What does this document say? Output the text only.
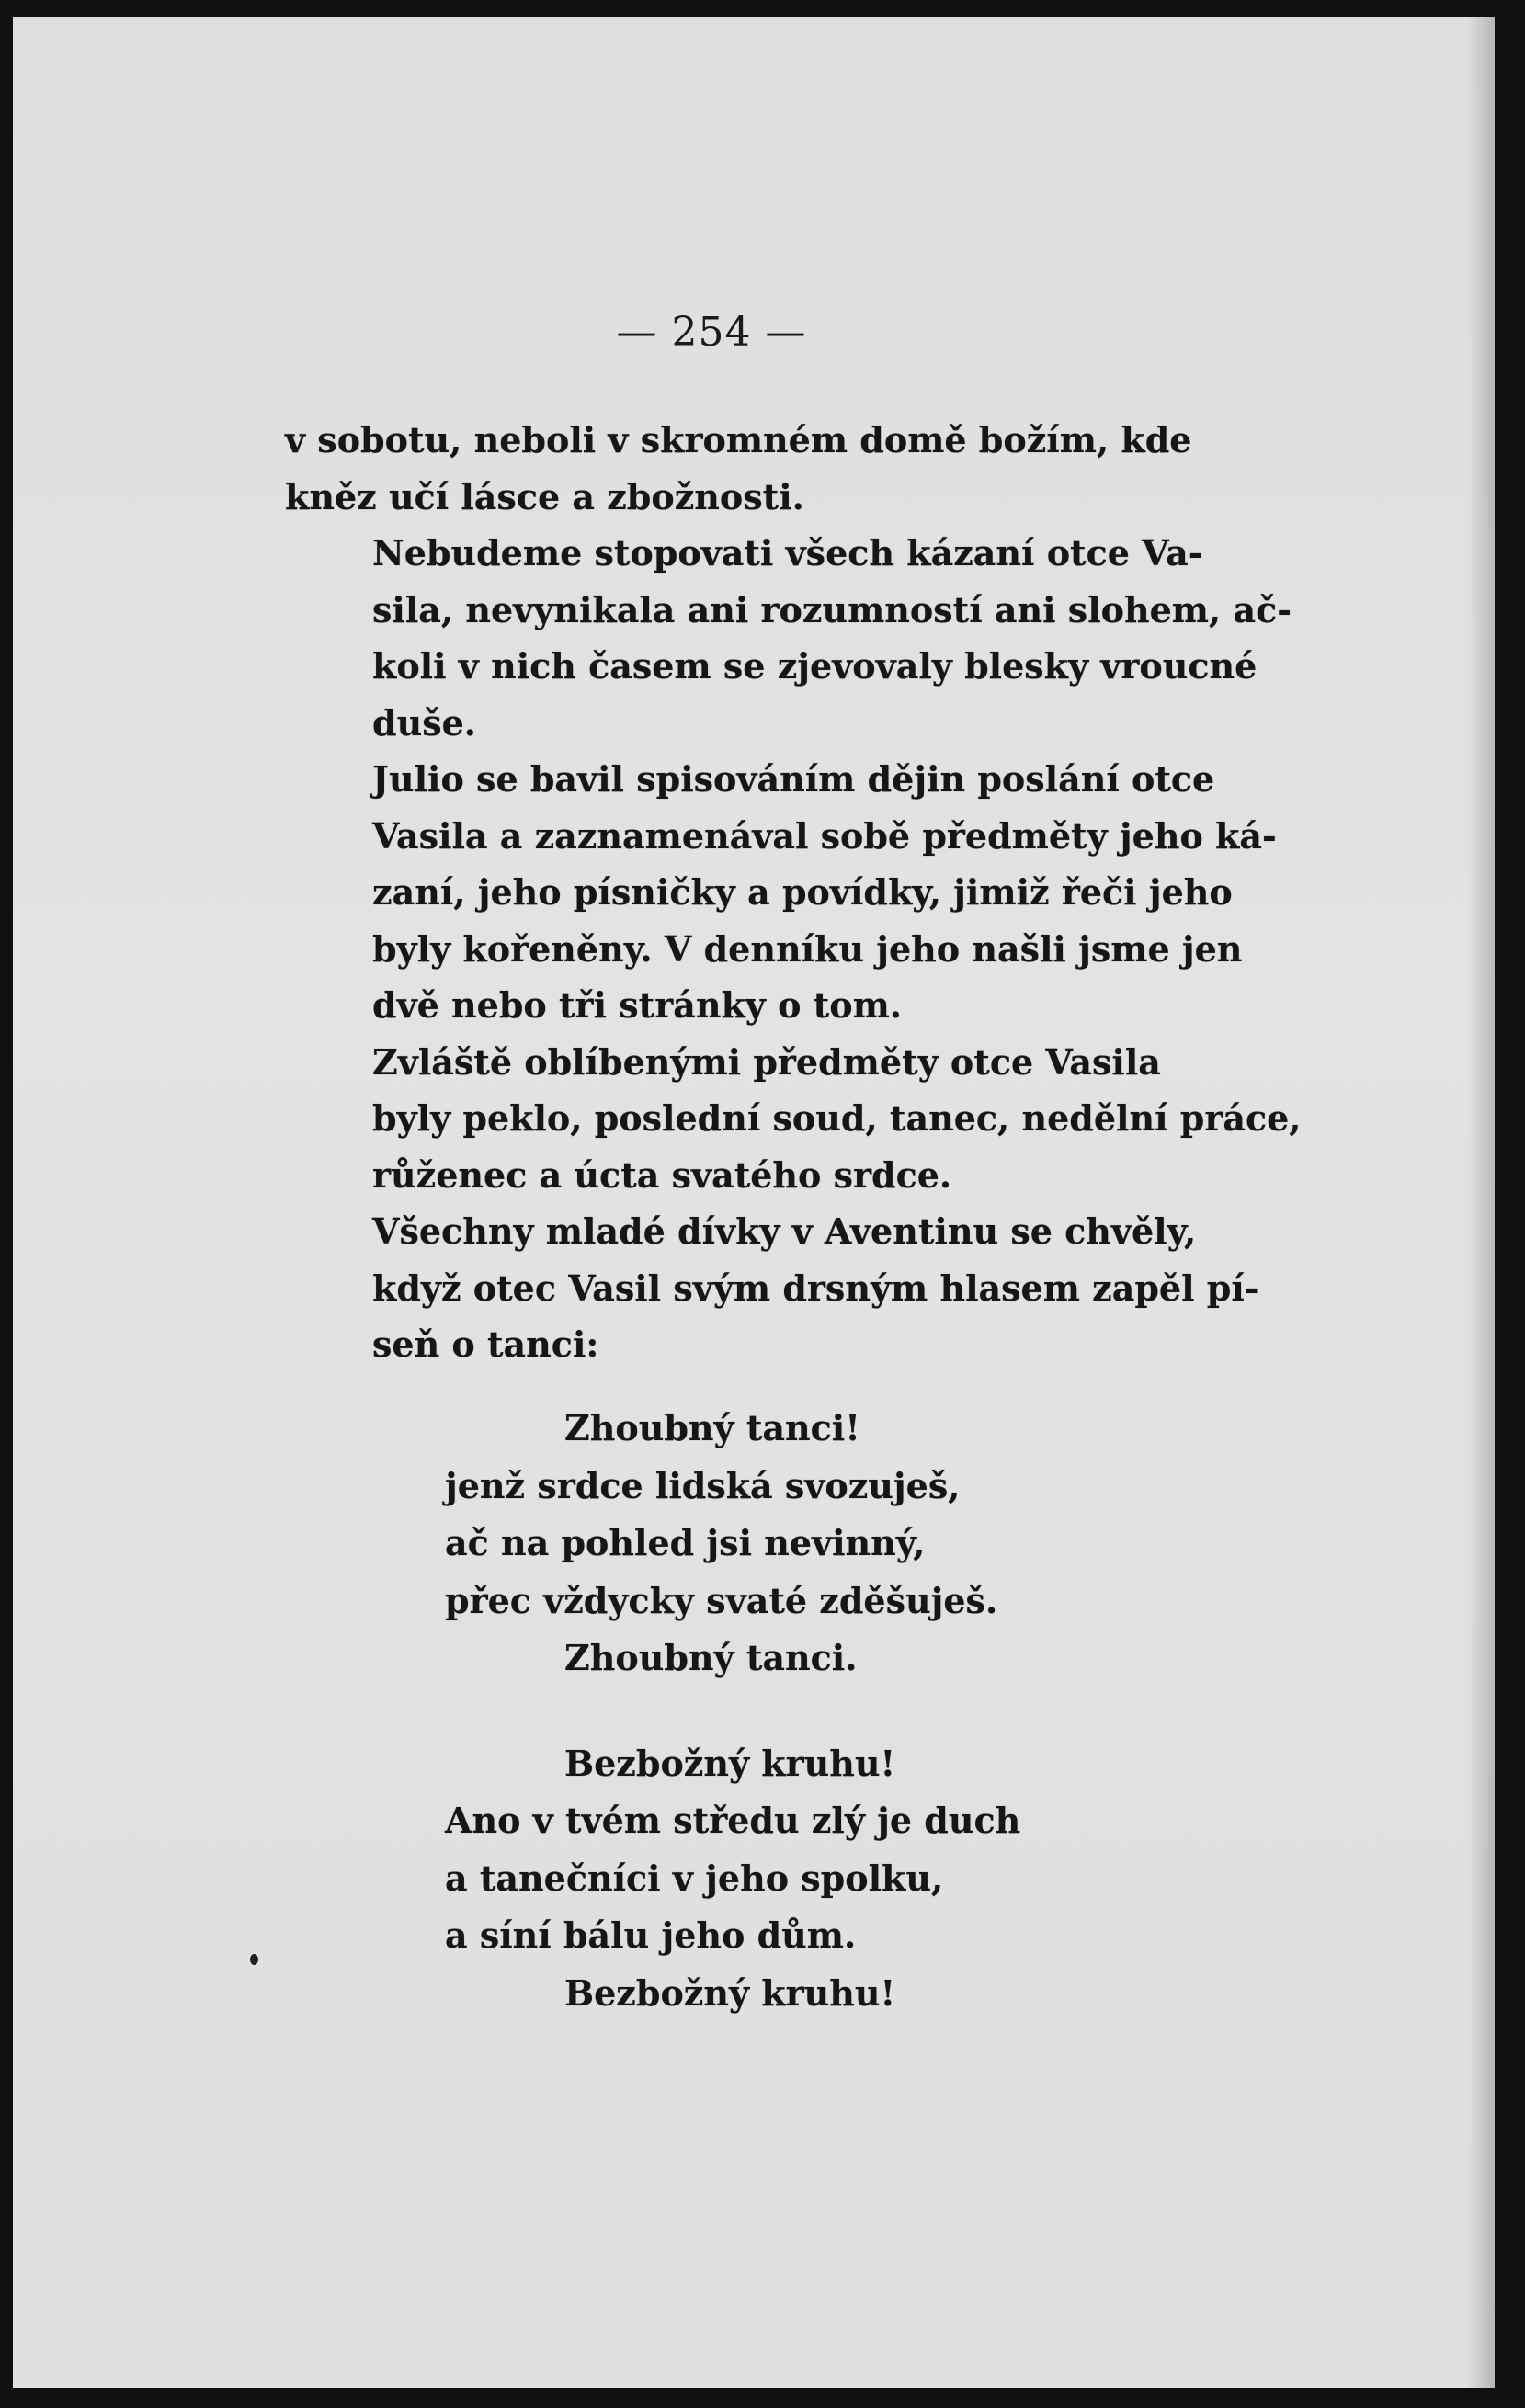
— 254 —

v sobotu, neboli v skromném domě božím, kde
kněz učí lásce a zbožnosti.

Nebudeme stopovati všech kázaní otce Va-
sila, nevynikala ani rozumností ani slohem, ač-
koli v nich časem se zjevovaly blesky vroucné
duše.

Julio se bavil spisováním dějin poslání otce
Vasila a zaznamenával sobě předměty jeho ká-
zaní, jeho písničky a povídky, jimiž řeči jeho
byly kořeněny. V denníku jeho našli jsme jen
dvě nebo tři stránky o tom.

Zvláště oblíbenými předměty otce Vasila
byly peklo, poslední soud, tanec, nedělní práce,
růženec a úcta svatého srdce.

Všechny mladé dívky v Aventinu se chvěly,
když otec Vasil svým drsným hlasem zapěl pí-
seň o tanci:

Zhoubný tanci!
jenž srdce lidská svozuješ,
ač na pohled jsi nevinný,
přec vždycky svaté zděšuješ.
Zhoubný tanci.
Bezbožný kruhu!
Ano v tvém středu zlý je duch
a tanečníci v jeho spolku,
a síní bálu jeho dům.
Bezbožný kruhu!
